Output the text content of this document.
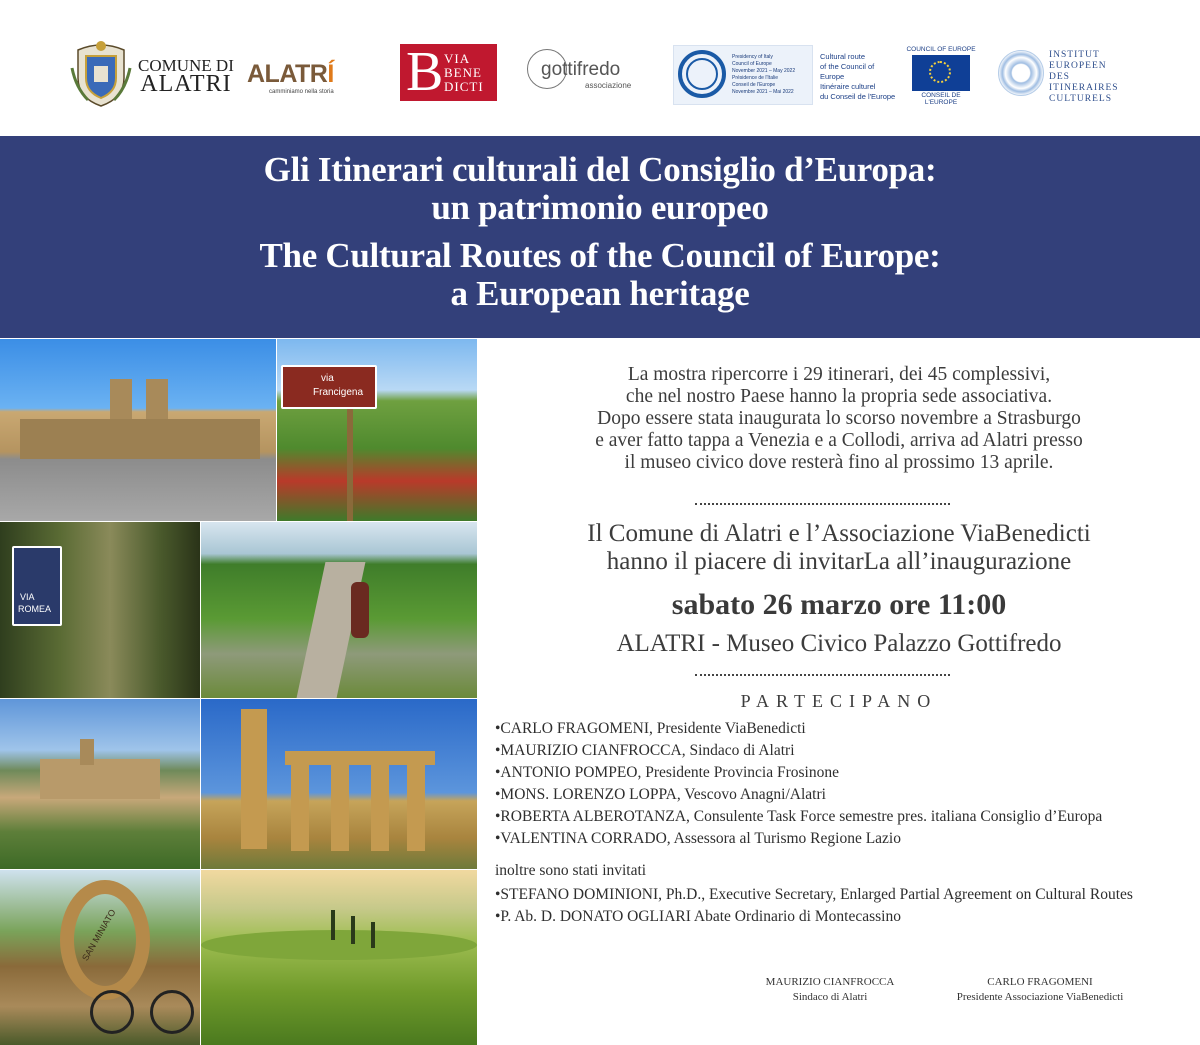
COMUNE DI
ALATRI ALATRÍ
camminiamo nella storia B VIA
BENE
DICTI
gottifredo
associazione
Presidency of Italy
Council of Europe
November 2021 – May 2022
Présidence de l'Italie
Conseil de l'Europe
Novembre 2021 – Mai 2022
Cultural route
of the Council of Europe
Itinéraire culturel
du Conseil de l'Europe
COUNCIL OF EUROPE
CONSEIL DE L'EUROPE
INSTITUT
EUROPEEN
DES
ITINERAIRES
CULTURELS
Gli Itinerari culturali del Consiglio d’Europa:
un patrimonio europeo
The Cultural Routes of the Council of Europe:
a European heritage
via
Francigena
VIA
ROMEA
SAN MINIATO
La mostra ripercorre i 29 itinerari, dei 45 complessivi,
che nel nostro Paese hanno la propria sede associativa.
Dopo essere stata inaugurata lo scorso novembre a Strasburgo
e aver fatto tappa a Venezia e a Collodi, arriva ad Alatri presso
il museo civico dove resterà fino al prossimo 13 aprile.
Il Comune di Alatri e l’Associazione ViaBenedicti
hanno il piacere di invitarLa all’inaugurazione
sabato 26 marzo ore 11:00
ALATRI - Museo Civico Palazzo Gottifredo
PARTECIPANO
•CARLO FRAGOMENI, Presidente ViaBenedicti
•MAURIZIO CIANFROCCA, Sindaco di Alatri
•ANTONIO POMPEO, Presidente Provincia Frosinone
•MONS. LORENZO LOPPA, Vescovo Anagni/Alatri
•ROBERTA ALBEROTANZA, Consulente Task Force semestre pres. italiana Consiglio d’Europa
•VALENTINA CORRADO, Assessora al Turismo Regione Lazio
inoltre sono stati invitati
•STEFANO DOMINIONI, Ph.D., Executive Secretary, Enlarged Partial Agreement on Cultural Routes
•P. Ab. D. DONATO OGLIARI Abate Ordinario di Montecassino
MAURIZIO CIANFROCCA
Sindaco di Alatri
CARLO FRAGOMENI
Presidente Associazione ViaBenedicti
